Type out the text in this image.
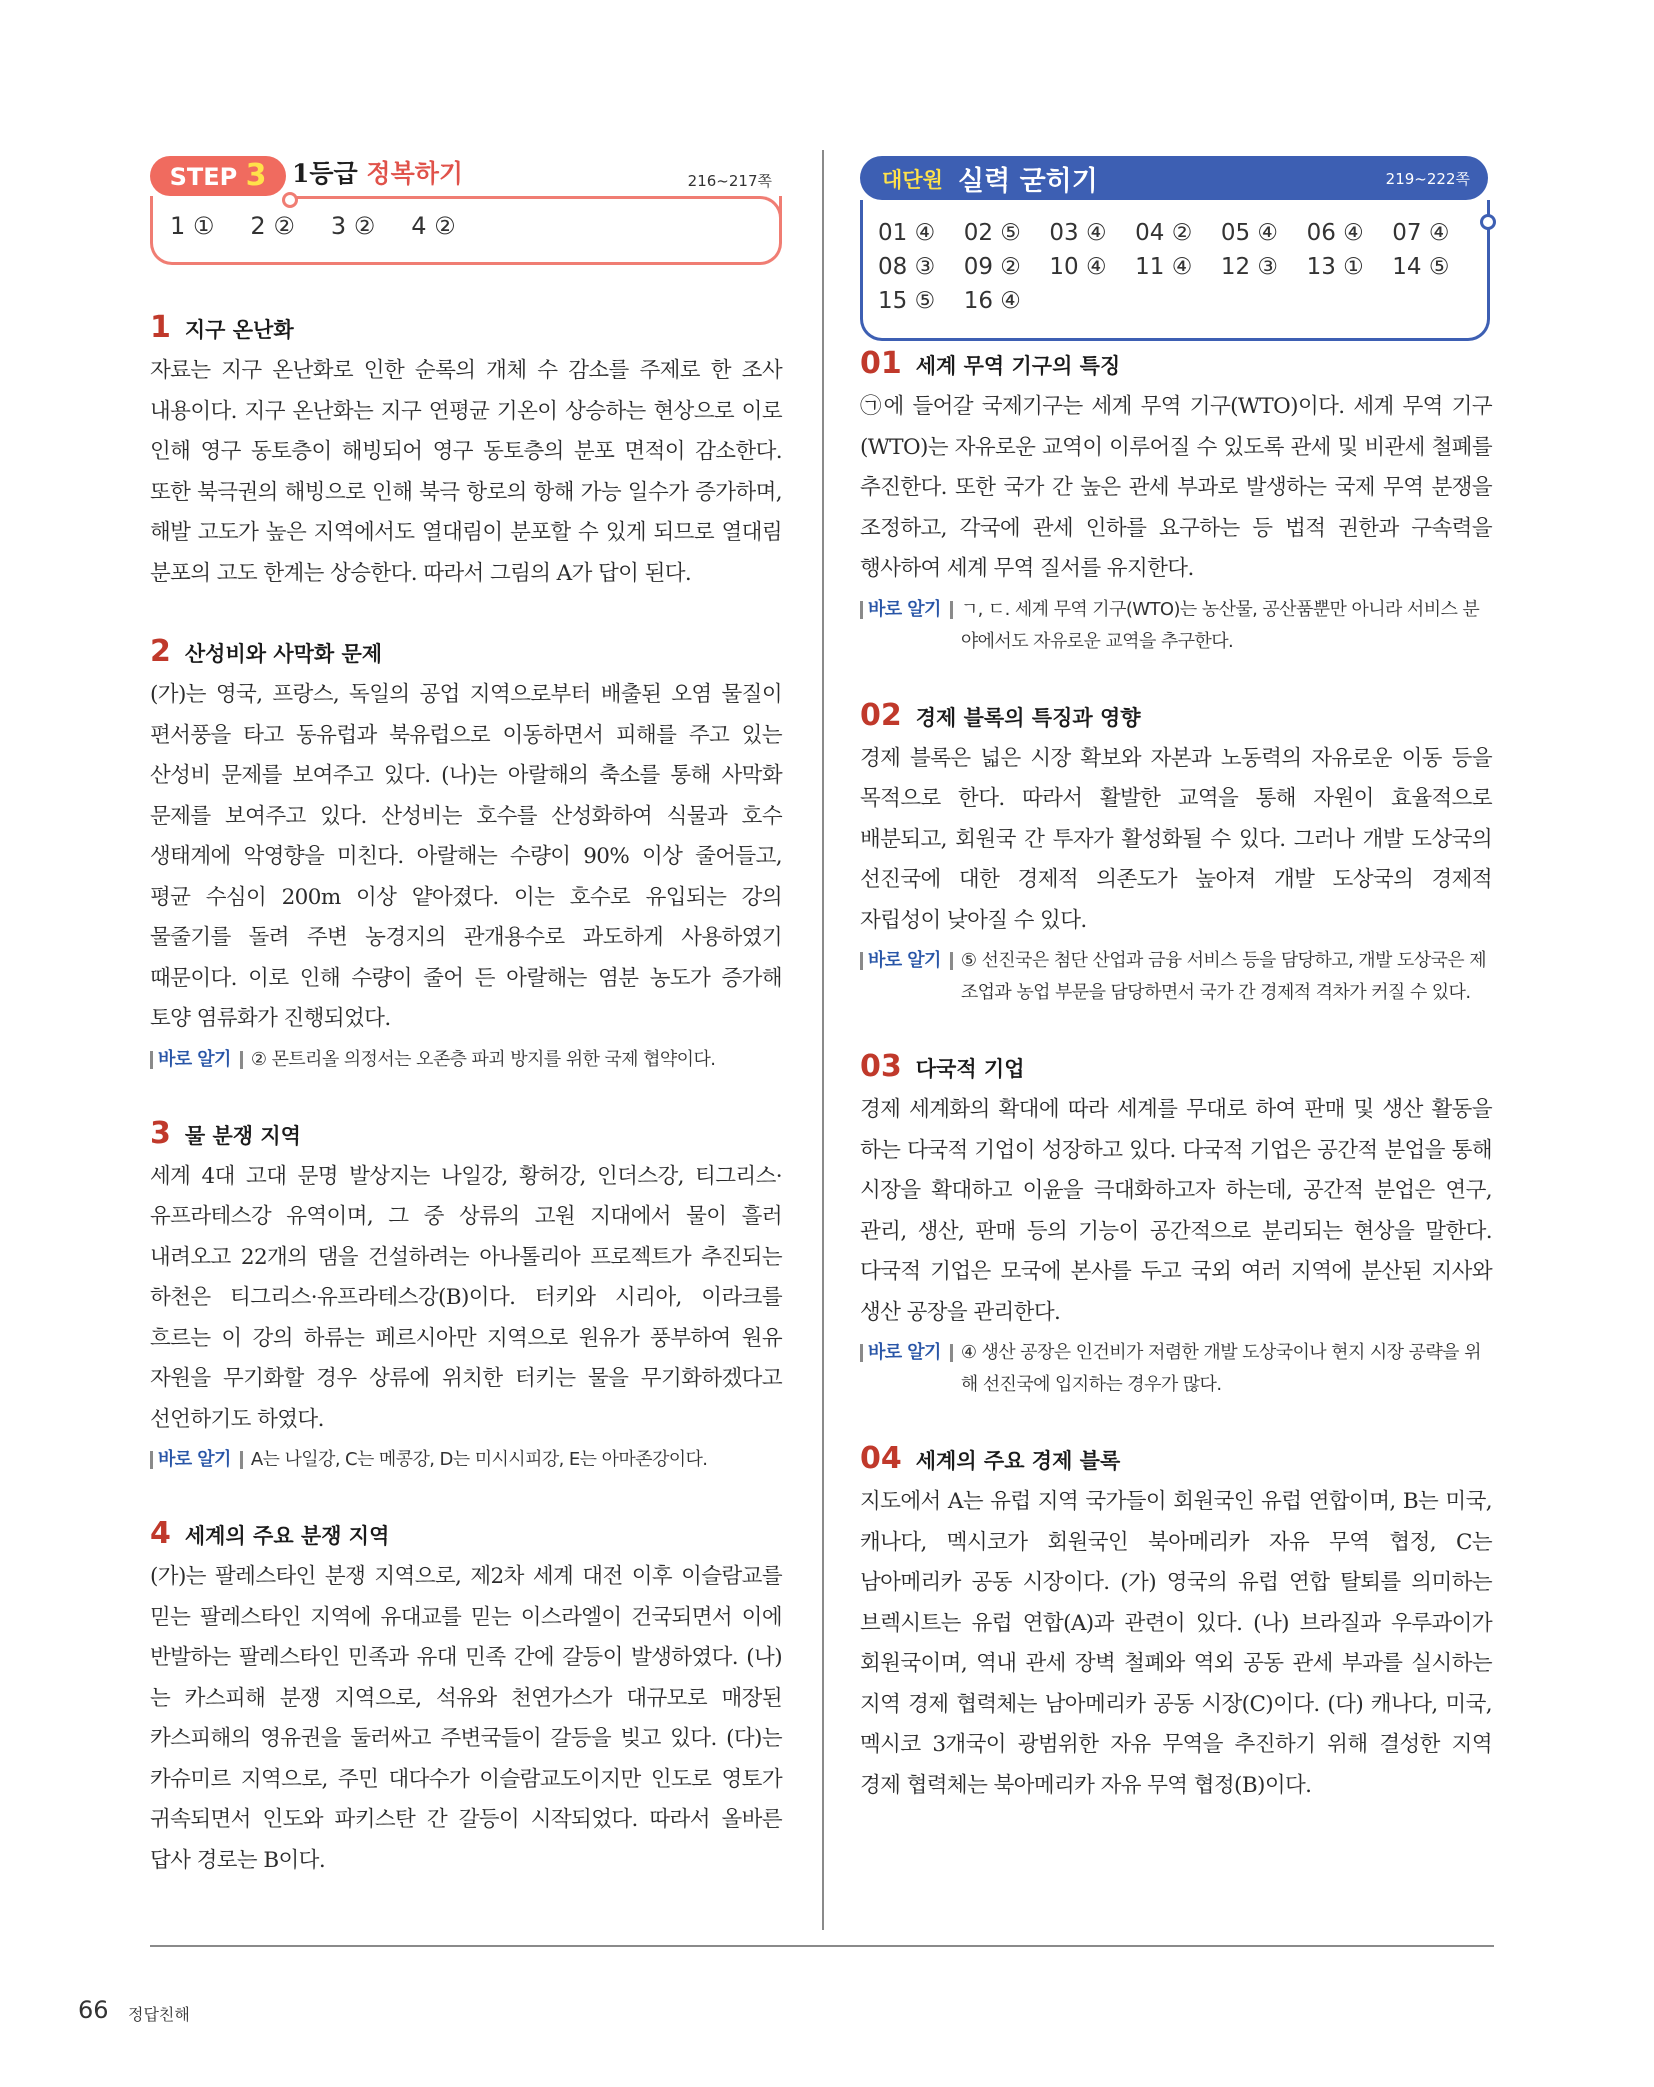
STEP 3	1등급 정복하기	216~217쪽
1 ① 2 ② 3 ② 4 ②
1 지구 온난화
자료는 지구 온난화로 인한 순록의 개체 수 감소를 주제로 한 조사 내용이다. 지구 온난화는 지구 연평균 기온이 상승하는 현상으로 이로 인해 영구 동토층이 해빙되어 영구 동토층의 분포 면적이 감소한다. 또한 북극권의 해빙으로 인해 북극 항로의 항해 가능 일수가 증가하며, 해발 고도가 높은 지역에서도 열대림이 분포할 수 있게 되므로 열대림 분포의 고도 한계는 상승한다. 따라서 그림의 A가 답이 된다.
2 산성비와 사막화 문제
(가)는 영국, 프랑스, 독일의 공업 지역으로부터 배출된 오염 물질이 편서풍을 타고 동유럽과 북유럽으로 이동하면서 피해를 주고 있는 산성비 문제를 보여주고 있다. (나)는 아랄해의 축소를 통해 사막화 문제를 보여주고 있다. 산성비는 호수를 산성화하여 식물과 호수 생태계에 악영향을 미친다. 아랄해는 수량이 90% 이상 줄어들고, 평균 수심이 200m 이상 얕아졌다. 이는 호수로 유입되는 강의 물줄기를 돌려 주변 농경지의 관개용수로 과도하게 사용하였기 때문이다. 이로 인해 수량이 줄어 든 아랄해는 염분 농도가 증가해 토양 염류화가 진행되었다.
바로 알기	② 몬트리올 의정서는 오존층 파괴 방지를 위한 국제 협약이다.
3 물 분쟁 지역
세계 4대 고대 문명 발상지는 나일강, 황허강, 인더스강, 티그리스·유프라테스강 유역이며, 그 중 상류의 고원 지대에서 물이 흘러 내려오고 22개의 댐을 건설하려는 아나톨리아 프로젝트가 추진되는 하천은 티그리스·유프라테스강(B)이다. 터키와 시리아, 이라크를 흐르는 이 강의 하류는 페르시아만 지역으로 원유가 풍부하여 원유 자원을 무기화할 경우 상류에 위치한 터키는 물을 무기화하겠다고 선언하기도 하였다.
바로 알기	A는 나일강, C는 메콩강, D는 미시시피강, E는 아마존강이다.
4 세계의 주요 분쟁 지역
(가)는 팔레스타인 분쟁 지역으로, 제2차 세계 대전 이후 이슬람교를 믿는 팔레스타인 지역에 유대교를 믿는 이스라엘이 건국되면서 이에 반발하는 팔레스타인 민족과 유대 민족 간에 갈등이 발생하였다. (나)는 카스피해 분쟁 지역으로, 석유와 천연가스가 대규모로 매장된 카스피해의 영유권을 둘러싸고 주변국들이 갈등을 빚고 있다. (다)는 카슈미르 지역으로, 주민 대다수가 이슬람교도이지만 인도로 영토가 귀속되면서 인도와 파키스탄 간 갈등이 시작되었다. 따라서 올바른 답사 경로는 B이다.
대단원 실력 굳히기	219~222쪽
01 ④	02 ⑤	03 ④	04 ②	05 ④	06 ④	07 ④
08 ③	09 ②	10 ④	11 ④	12 ③	13 ①	14 ⑤
15 ⑤	16 ④
01 세계 무역 기구의 특징
㉠에 들어갈 국제기구는 세계 무역 기구(WTO)이다. 세계 무역 기구(WTO)는 자유로운 교역이 이루어질 수 있도록 관세 및 비관세 철폐를 추진한다. 또한 국가 간 높은 관세 부과로 발생하는 국제 무역 분쟁을 조정하고, 각국에 관세 인하를 요구하는 등 법적 권한과 구속력을 행사하여 세계 무역 질서를 유지한다.
바로 알기	ㄱ, ㄷ. 세계 무역 기구(WTO)는 농산물, 공산품뿐만 아니라 서비스 분야에서도 자유로운 교역을 추구한다.
02 경제 블록의 특징과 영향
경제 블록은 넓은 시장 확보와 자본과 노동력의 자유로운 이동 등을 목적으로 한다. 따라서 활발한 교역을 통해 자원이 효율적으로 배분되고, 회원국 간 투자가 활성화될 수 있다. 그러나 개발 도상국의 선진국에 대한 경제적 의존도가 높아져 개발 도상국의 경제적 자립성이 낮아질 수 있다.
바로 알기	⑤ 선진국은 첨단 산업과 금융 서비스 등을 담당하고, 개발 도상국은 제조업과 농업 부문을 담당하면서 국가 간 경제적 격차가 커질 수 있다.
03 다국적 기업
경제 세계화의 확대에 따라 세계를 무대로 하여 판매 및 생산 활동을 하는 다국적 기업이 성장하고 있다. 다국적 기업은 공간적 분업을 통해 시장을 확대하고 이윤을 극대화하고자 하는데, 공간적 분업은 연구, 관리, 생산, 판매 등의 기능이 공간적으로 분리되는 현상을 말한다. 다국적 기업은 모국에 본사를 두고 국외 여러 지역에 분산된 지사와 생산 공장을 관리한다.
바로 알기	④ 생산 공장은 인건비가 저렴한 개발 도상국이나 현지 시장 공략을 위해 선진국에 입지하는 경우가 많다.
04 세계의 주요 경제 블록
지도에서 A는 유럽 지역 국가들이 회원국인 유럽 연합이며, B는 미국, 캐나다, 멕시코가 회원국인 북아메리카 자유 무역 협정, C는 남아메리카 공동 시장이다. (가) 영국의 유럽 연합 탈퇴를 의미하는 브렉시트는 유럽 연합(A)과 관련이 있다. (나) 브라질과 우루과이가 회원국이며, 역내 관세 장벽 철폐와 역외 공동 관세 부과를 실시하는 지역 경제 협력체는 남아메리카 공동 시장(C)이다. (다) 캐나다, 미국, 멕시코 3개국이 광범위한 자유 무역을 추진하기 위해 결성한 지역 경제 협력체는 북아메리카 자유 무역 협정(B)이다.
66 정답친해
